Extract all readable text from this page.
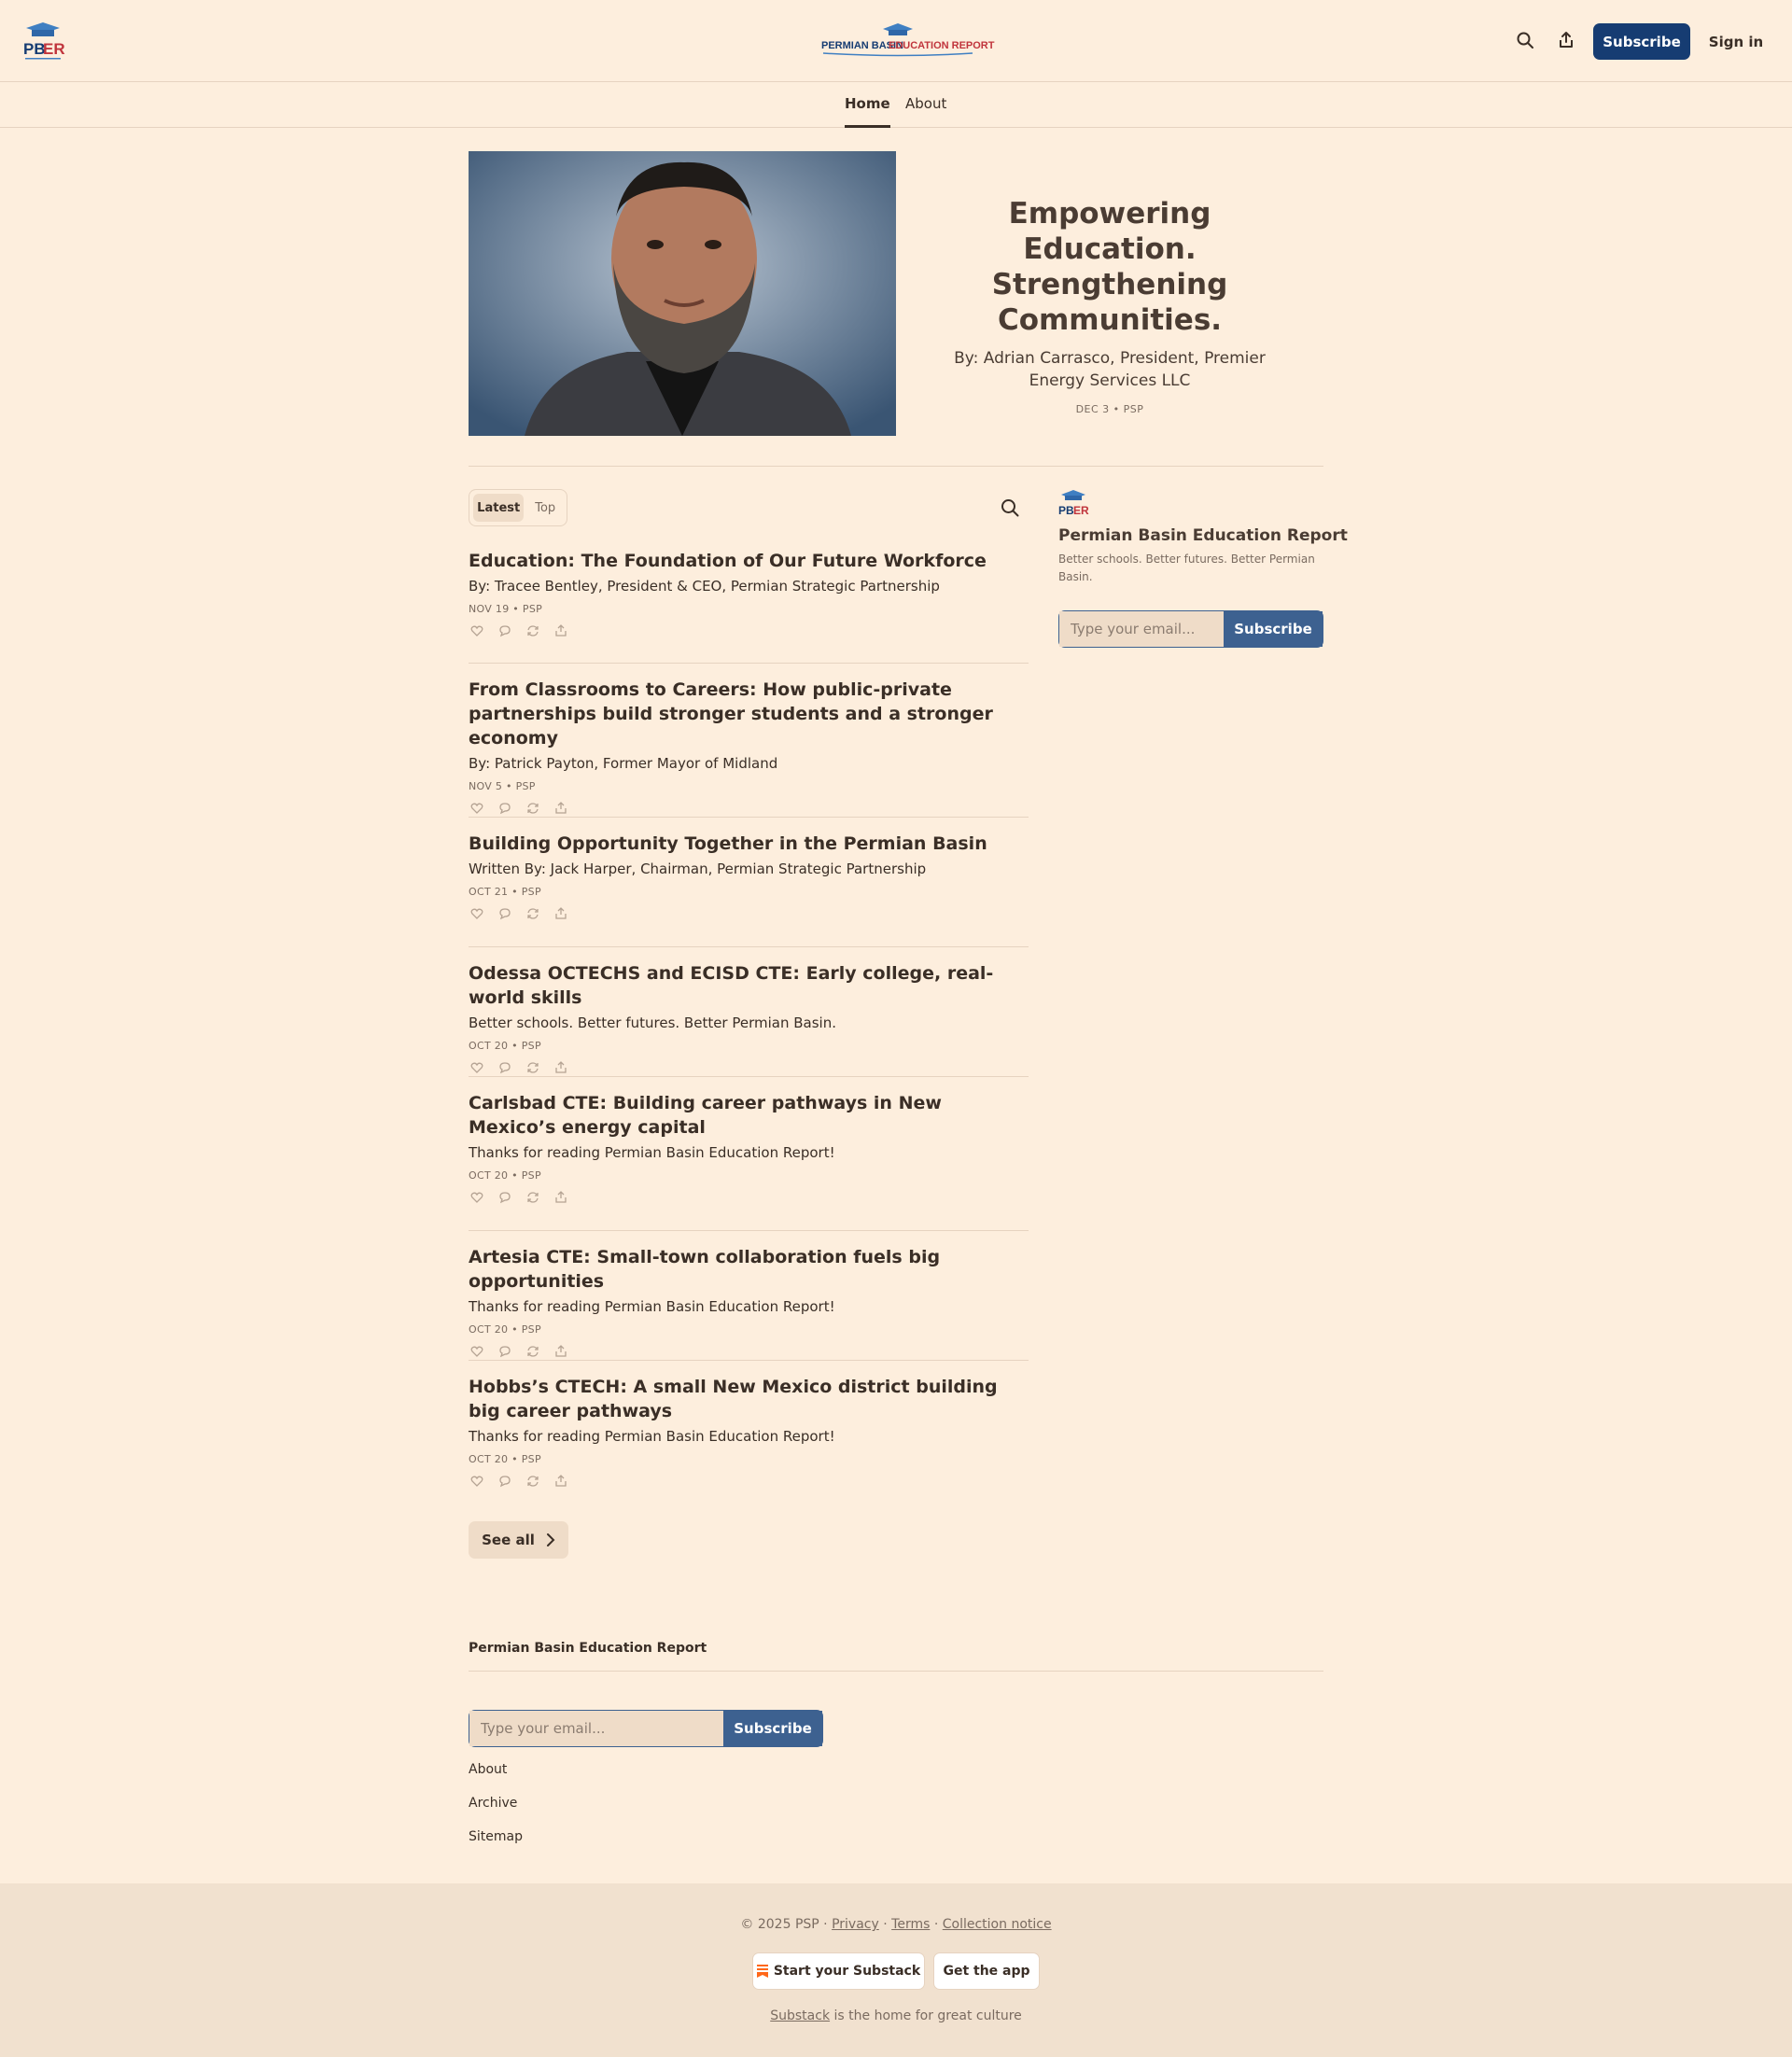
PB
ER	PERMIAN BASIN
EDUCATION REPORT	Subscribe	Sign in
Home About
Empowering Education. Strengthening Communities.
By: Adrian Carrasco, President, Premier Energy Services LLC
DEC 3 • PSP
Latest	Top
Education: The Foundation of Our Future Workforce
By: Tracee Bentley, President & CEO, Permian Strategic Partnership
NOV 19 • PSP
From Classrooms to Careers: How public-private partnerships build stronger students and a stronger economy
By: Patrick Payton, Former Mayor of Midland
NOV 5 • PSP
Building Opportunity Together in the Permian Basin
Written By: Jack Harper, Chairman, Permian Strategic Partnership
OCT 21 • PSP
Odessa OCTECHS and ECISD CTE: Early college, real-world skills
Better schools. Better futures. Better Permian Basin.
OCT 20 • PSP
Carlsbad CTE: Building career pathways in New Mexico’s energy capital
Thanks for reading Permian Basin Education Report!
OCT 20 • PSP
Artesia CTE: Small-town collaboration fuels big opportunities
Thanks for reading Permian Basin Education Report!
OCT 20 • PSP
Hobbs’s CTECH: A small New Mexico district building big career pathways
Thanks for reading Permian Basin Education Report!
OCT 20 • PSP
See all
PB ER
Permian Basin Education Report
Better schools. Better futures. Better Permian Basin.
Type your email...
Subscribe
Permian Basin Education Report
Type your email...
Subscribe
About
Archive
Sitemap
© 2025 PSP · Privacy · Terms · Collection notice
Start your Substack	Get the app
Substack is the home for great culture
